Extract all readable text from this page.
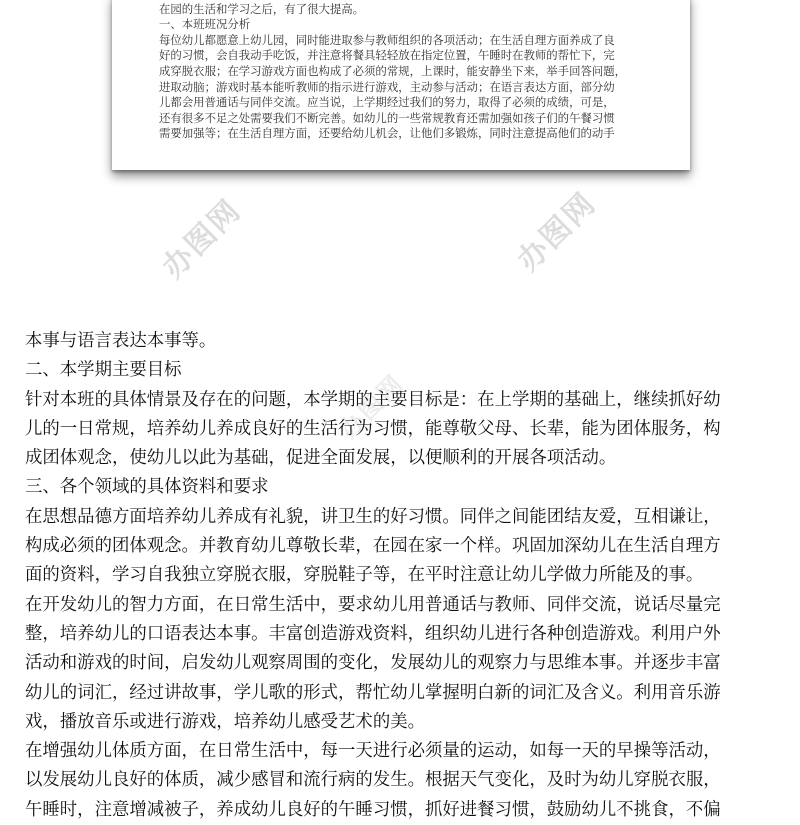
在园的生活和学习之后，有了很大提高。

一、本班班况分析

每位幼儿都愿意上幼儿园，同时能进取参与教师组织的各项活动；在生活自理方面养成了良

好的习惯，会自我动手吃饭，并注意将餐具轻轻放在指定位置，午睡时在教师的帮忙下，完

成穿脱衣服；在学习游戏方面也构成了必须的常规，上课时，能安静坐下来，举手回答问题，

进取动脑；游戏时基本能听教师的指示进行游戏，主动参与活动；在语言表达方面，部分幼

儿都会用普通话与同伴交流。应当说，上学期经过我们的努力，取得了必须的成绩，可是，

还有很多不足之处需要我们不断完善。如幼儿的一些常规教育还需加强如孩子们的午餐习惯

需要加强等；在生活自理方面，还要给幼儿机会，让他们多锻炼，同时注意提高他们的动手

办图网	办图网
办图网

本事与语言表达本事等。

二、本学期主要目标

针对本班的具体情景及存在的问题，本学期的主要目标是：在上学期的基础上，继续抓好幼

儿的一日常规，培养幼儿养成良好的生活行为习惯，能尊敬父母、长辈，能为团体服务，构

成团体观念，使幼儿以此为基础，促进全面发展，以便顺利的开展各项活动。

三、各个领域的具体资料和要求

在思想品德方面培养幼儿养成有礼貌，讲卫生的好习惯。同伴之间能团结友爱，互相谦让，

构成必须的团体观念。并教育幼儿尊敬长辈，在园在家一个样。巩固加深幼儿在生活自理方

面的资料，学习自我独立穿脱衣服，穿脱鞋子等，在平时注意让幼儿学做力所能及的事。

在开发幼儿的智力方面，在日常生活中，要求幼儿用普通话与教师、同伴交流，说话尽量完

整，培养幼儿的口语表达本事。丰富创造游戏资料，组织幼儿进行各种创造游戏。利用户外

活动和游戏的时间，启发幼儿观察周围的变化，发展幼儿的观察力与思维本事。并逐步丰富

幼儿的词汇，经过讲故事，学儿歌的形式，帮忙幼儿掌握明白新的词汇及含义。利用音乐游

戏，播放音乐或进行游戏，培养幼儿感受艺术的美。

在增强幼儿体质方面，在日常生活中，每一天进行必须量的运动，如每一天的早操等活动，

以发展幼儿良好的体质，减少感冒和流行病的发生。根据天气变化，及时为幼儿穿脱衣服，

午睡时，注意增减被子，养成幼儿良好的午睡习惯，抓好进餐习惯，鼓励幼儿不挑食，不偏
